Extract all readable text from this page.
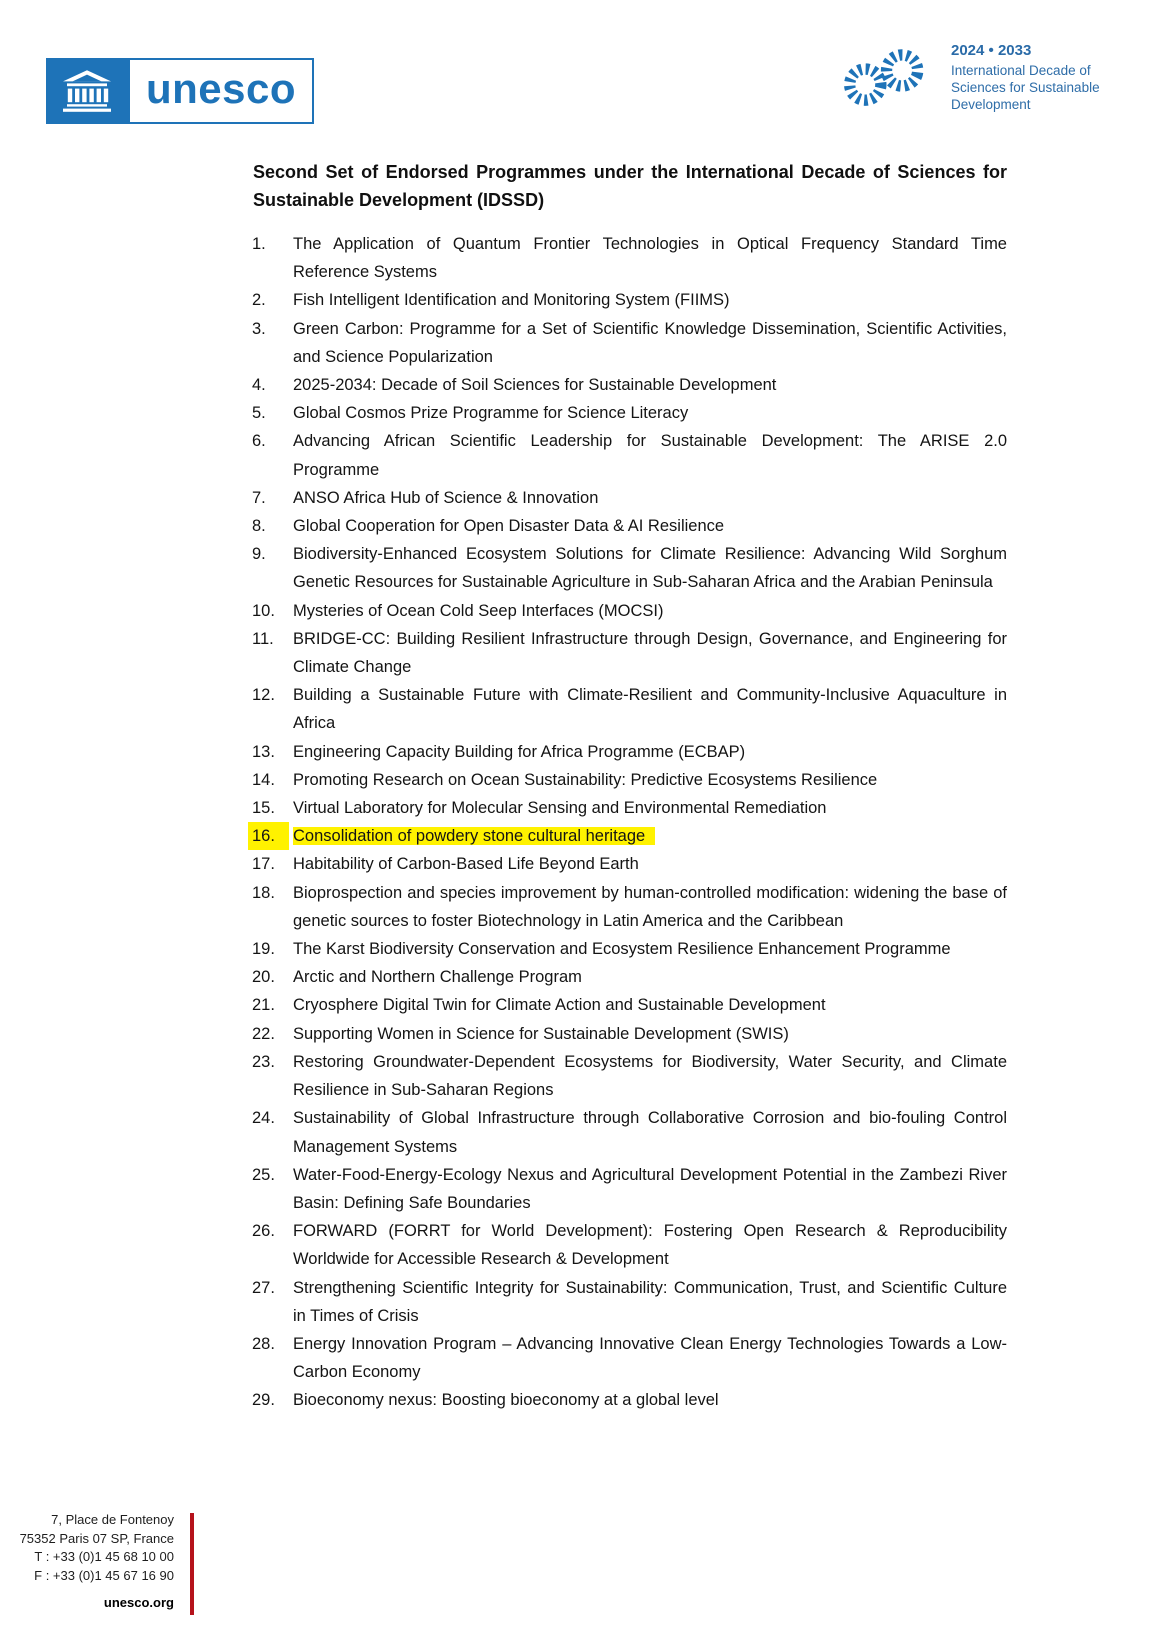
unesco
2024 • 2033
International Decade of
Sciences for Sustainable
Development
Second Set of Endorsed Programmes under the International Decade of Sciences for Sustainable Development (IDSSD)
1. The Application of Quantum Frontier Technologies in Optical Frequency Standard Time Reference Systems
2. Fish Intelligent Identification and Monitoring System (FIIMS)
3. Green Carbon: Programme for a Set of Scientific Knowledge Dissemination, Scientific Activities, and Science Popularization
4. 2025-2034: Decade of Soil Sciences for Sustainable Development
5. Global Cosmos Prize Programme for Science Literacy
6. Advancing African Scientific Leadership for Sustainable Development: The ARISE 2.0 Programme
7. ANSO Africa Hub of Science & Innovation
8. Global Cooperation for Open Disaster Data & AI Resilience
9. Biodiversity-Enhanced Ecosystem Solutions for Climate Resilience: Advancing Wild Sorghum Genetic Resources for Sustainable Agriculture in Sub-Saharan Africa and the Arabian Peninsula
10. Mysteries of Ocean Cold Seep Interfaces (MOCSI)
11. BRIDGE-CC: Building Resilient Infrastructure through Design, Governance, and Engineering for Climate Change
12. Building a Sustainable Future with Climate-Resilient and Community-Inclusive Aquaculture in Africa
13. Engineering Capacity Building for Africa Programme (ECBAP)
14. Promoting Research on Ocean Sustainability: Predictive Ecosystems Resilience
15. Virtual Laboratory for Molecular Sensing and Environmental Remediation
16.	Consolidation of powdery stone cultural heritage
17. Habitability of Carbon-Based Life Beyond Earth
18. Bioprospection and species improvement by human-controlled modification: widening the base of genetic sources to foster Biotechnology in Latin America and the Caribbean
19. The Karst Biodiversity Conservation and Ecosystem Resilience Enhancement Programme
20. Arctic and Northern Challenge Program
21. Cryosphere Digital Twin for Climate Action and Sustainable Development
22. Supporting Women in Science for Sustainable Development (SWIS)
23. Restoring Groundwater-Dependent Ecosystems for Biodiversity, Water Security, and Climate Resilience in Sub-Saharan Regions
24. Sustainability of Global Infrastructure through Collaborative Corrosion and bio-fouling Control Management Systems
25. Water-Food-Energy-Ecology Nexus and Agricultural Development Potential in the Zambezi River Basin: Defining Safe Boundaries
26. FORWARD (FORRT for World Development): Fostering Open Research & Reproducibility Worldwide for Accessible Research & Development
27. Strengthening Scientific Integrity for Sustainability: Communication, Trust, and Scientific Culture in Times of Crisis
28. Energy Innovation Program – Advancing Innovative Clean Energy Technologies Towards a Low-Carbon Economy
29. Bioeconomy nexus: Boosting bioeconomy at a global level
7, Place de Fontenoy
75352 Paris 07 SP, France
T : +33 (0)1 45 68 10 00
F : +33 (0)1 45 67 16 90
unesco.org
